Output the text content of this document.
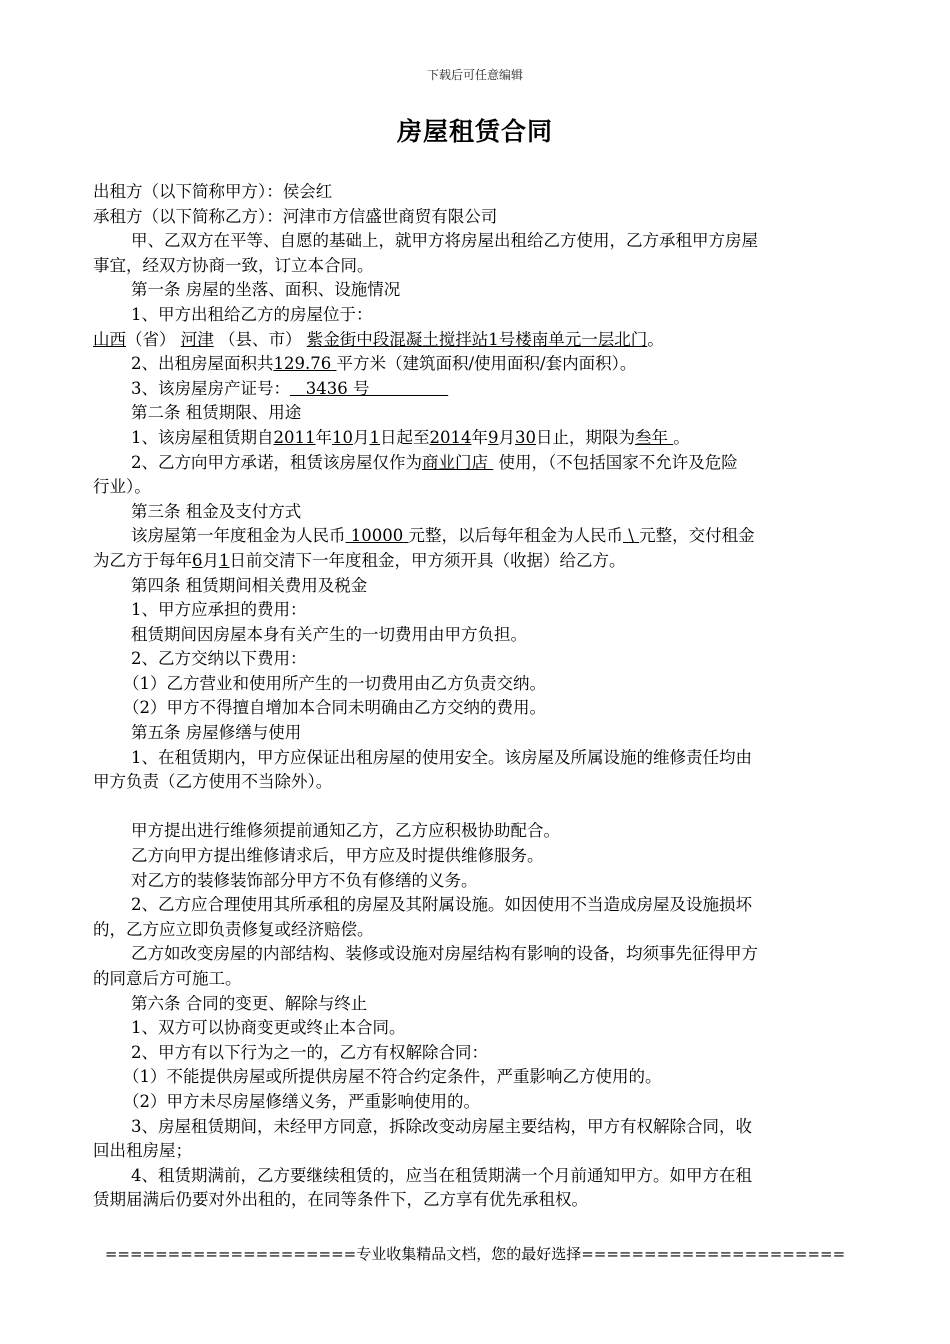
下载后可任意编辑
房屋租赁合同

出租方（以下简称甲方）：侯会红

承租方（以下简称乙方）：河津市方信盛世商贸有限公司

甲、乙双方在平等、自愿的基础上，就甲方将房屋出租给乙方使用，乙方承租甲方房屋

事宜，经双方协商一致，订立本合同。

第一条 房屋的坐落、面积、设施情况

1、甲方出租给乙方的房屋位于：

山西（省） 河津 （县、市） 紫金街中段混凝土搅拌站1号楼南单元一层北门。

2、出租房屋面积共129.76 平方米（建筑面积/使用面积/套内面积）。

3、该房屋房产证号： 3436 号

第二条 租赁期限、用途

1、该房屋租赁期自2011年10月1日起至2014年9月30日止，期限为叁年 。

2、乙方向甲方承诺，租赁该房屋仅作为商业门店 使用，（不包括国家不允许及危险

行业）。

第三条 租金及支付方式

该房屋第一年度租金为人民币 10000 元整，以后每年租金为人民币 \ 元整，交付租金

为乙方于每年6月1日前交清下一年度租金，甲方须开具（收据）给乙方。

第四条 租赁期间相关费用及税金

1、甲方应承担的费用：

租赁期间因房屋本身有关产生的一切费用由甲方负担。

2、乙方交纳以下费用：

（1）乙方营业和使用所产生的一切费用由乙方负责交纳。

（2）甲方不得擅自增加本合同未明确由乙方交纳的费用。

第五条 房屋修缮与使用

1、在租赁期内，甲方应保证出租房屋的使用安全。该房屋及所属设施的维修责任均由

甲方负责（乙方使用不当除外）。

甲方提出进行维修须提前通知乙方，乙方应积极协助配合。

乙方向甲方提出维修请求后，甲方应及时提供维修服务。

对乙方的装修装饰部分甲方不负有修缮的义务。

2、乙方应合理使用其所承租的房屋及其附属设施。如因使用不当造成房屋及设施损坏

的，乙方应立即负责修复或经济赔偿。

乙方如改变房屋的内部结构、装修或设施对房屋结构有影响的设备，均须事先征得甲方

的同意后方可施工。

第六条 合同的变更、解除与终止

1、双方可以协商变更或终止本合同。

2、甲方有以下行为之一的，乙方有权解除合同：

（1）不能提供房屋或所提供房屋不符合约定条件，严重影响乙方使用的。

（2）甲方未尽房屋修缮义务，严重影响使用的。

3、房屋租赁期间，未经甲方同意，拆除改变动房屋主要结构，甲方有权解除合同，收

回出租房屋；

4、租赁期满前，乙方要继续租赁的，应当在租赁期满一个月前通知甲方。如甲方在租

赁期届满后仍要对外出租的，在同等条件下，乙方享有优先承租权。

====================专业收集精品文档，您的最好选择=====================
